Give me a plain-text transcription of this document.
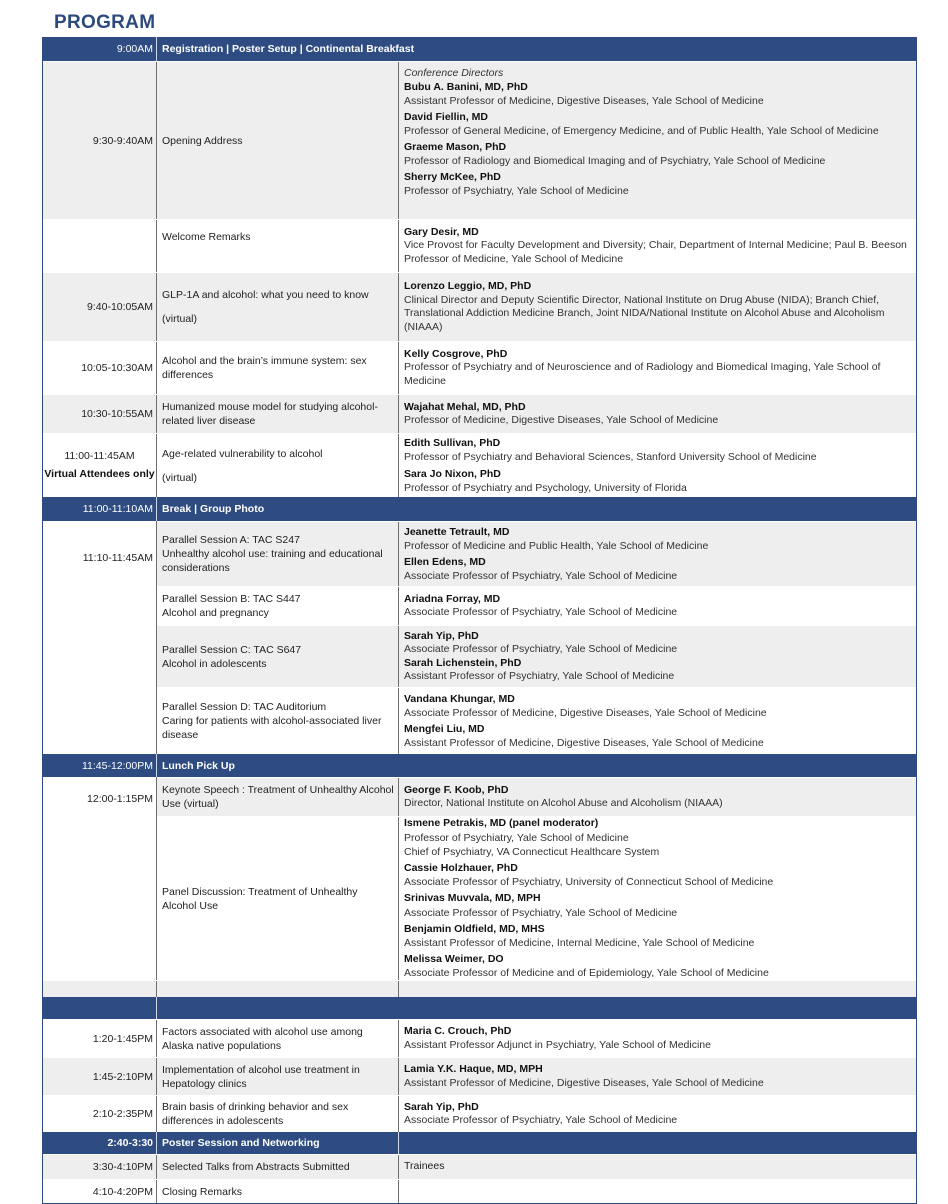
PROGRAM
9:00AM Registration | Poster Setup | Continental Breakfast
9:30-9:40AM Opening Address
Conference Directors
Bubu A. Banini, MD, PhD
Assistant Professor of Medicine, Digestive Diseases, Yale School of Medicine
David Fiellin, MD
Professor of General Medicine, of Emergency Medicine, and of Public Health, Yale School of Medicine
Graeme Mason, PhD
Professor of Radiology and Biomedical Imaging and of Psychiatry, Yale School of Medicine
Sherry McKee, PhD
Professor of Psychiatry, Yale School of Medicine
Welcome Remarks	Gary Desir, MD
Vice Provost for Faculty Development and Diversity; Chair, Department of Internal Medicine; Paul B. Beeson Professor of Medicine, Yale School of Medicine
9:40-10:05AM
GLP-1A and alcohol: what you need to know
(virtual)
Lorenzo Leggio, MD, PhD
Clinical Director and Deputy Scientific Director, National Institute on Drug Abuse (NIDA); Branch Chief, Translational Addiction Medicine Branch, Joint NIDA/National Institute on Alcohol Abuse and Alcoholism (NIAAA)
10:05-10:30AM
Alcohol and the brain’s immune system: sex differences
Kelly Cosgrove, PhD
Professor of Psychiatry and of Neuroscience and of Radiology and Biomedical Imaging, Yale School of Medicine
10:30-10:55AM
Humanized mouse model for studying alcohol-related liver disease
Wajahat Mehal, MD, PhD
Professor of Medicine, Digestive Diseases, Yale School of Medicine
11:00-11:45AM
Virtual Attendees only
Age-related vulnerability to alcohol
(virtual)
Edith Sullivan, PhD
Professor of Psychiatry and Behavioral Sciences, Stanford University School of Medicine
Sara Jo Nixon, PhD
Professor of Psychiatry and Psychology, University of Florida
11:00-11:10AM Break | Group Photo
11:10-11:45AM
Parallel Session A: TAC S247
Unhealthy alcohol use: training and educational considerations
Jeanette Tetrault, MD
Professor of Medicine and Public Health, Yale School of Medicine
Ellen Edens, MD
Associate Professor of Psychiatry, Yale School of Medicine
Parallel Session B: TAC S447
Alcohol and pregnancy
Ariadna Forray, MD
Associate Professor of Psychiatry, Yale School of Medicine
Parallel Session C: TAC S647
Alcohol in adolescents
Sarah Yip, PhD
Associate Professor of Psychiatry, Yale School of Medicine
Sarah Lichenstein, PhD
Assistant Professor of Psychiatry, Yale School of Medicine
Parallel Session D: TAC Auditorium
Caring for patients with alcohol-associated liver disease
Vandana Khungar, MD
Associate Professor of Medicine, Digestive Diseases, Yale School of Medicine
Mengfei Liu, MD
Assistant Professor of Medicine, Digestive Diseases, Yale School of Medicine
11:45-12:00PM Lunch Pick Up
12:00-1:15PM
Keynote Speech : Treatment of Unhealthy Alcohol Use (virtual)
George F. Koob, PhD
Director, National Institute on Alcohol Abuse and Alcoholism (NIAAA)
Panel Discussion: Treatment of Unhealthy Alcohol Use
Ismene Petrakis, MD (panel moderator)
Professor of Psychiatry, Yale School of Medicine
Chief of Psychiatry, VA Connecticut Healthcare System
Cassie Holzhauer, PhD
Associate Professor of Psychiatry, University of Connecticut School of Medicine
Srinivas Muvvala, MD, MPH
Associate Professor of Psychiatry, Yale School of Medicine
Benjamin Oldfield, MD, MHS
Assistant Professor of Medicine, Internal Medicine, Yale School of Medicine
Melissa Weimer, DO
Associate Professor of Medicine and of Epidemiology, Yale School of Medicine
1:20-1:45PM
Factors associated with alcohol use among Alaska native populations
Maria C. Crouch, PhD
Assistant Professor Adjunct in Psychiatry, Yale School of Medicine
1:45-2:10PM
Implementation of alcohol use treatment in Hepatology clinics
Lamia Y.K. Haque, MD, MPH
Assistant Professor of Medicine, Digestive Diseases, Yale School of Medicine
2:10-2:35PM
Brain basis of drinking behavior and sex differences in adolescents
Sarah Yip, PhD
Associate Professor of Psychiatry, Yale School of Medicine
2:40-3:30 Poster Session and Networking
3:30-4:10PM Selected Talks from Abstracts Submitted	Trainees
4:10-4:20PM Closing Remarks
